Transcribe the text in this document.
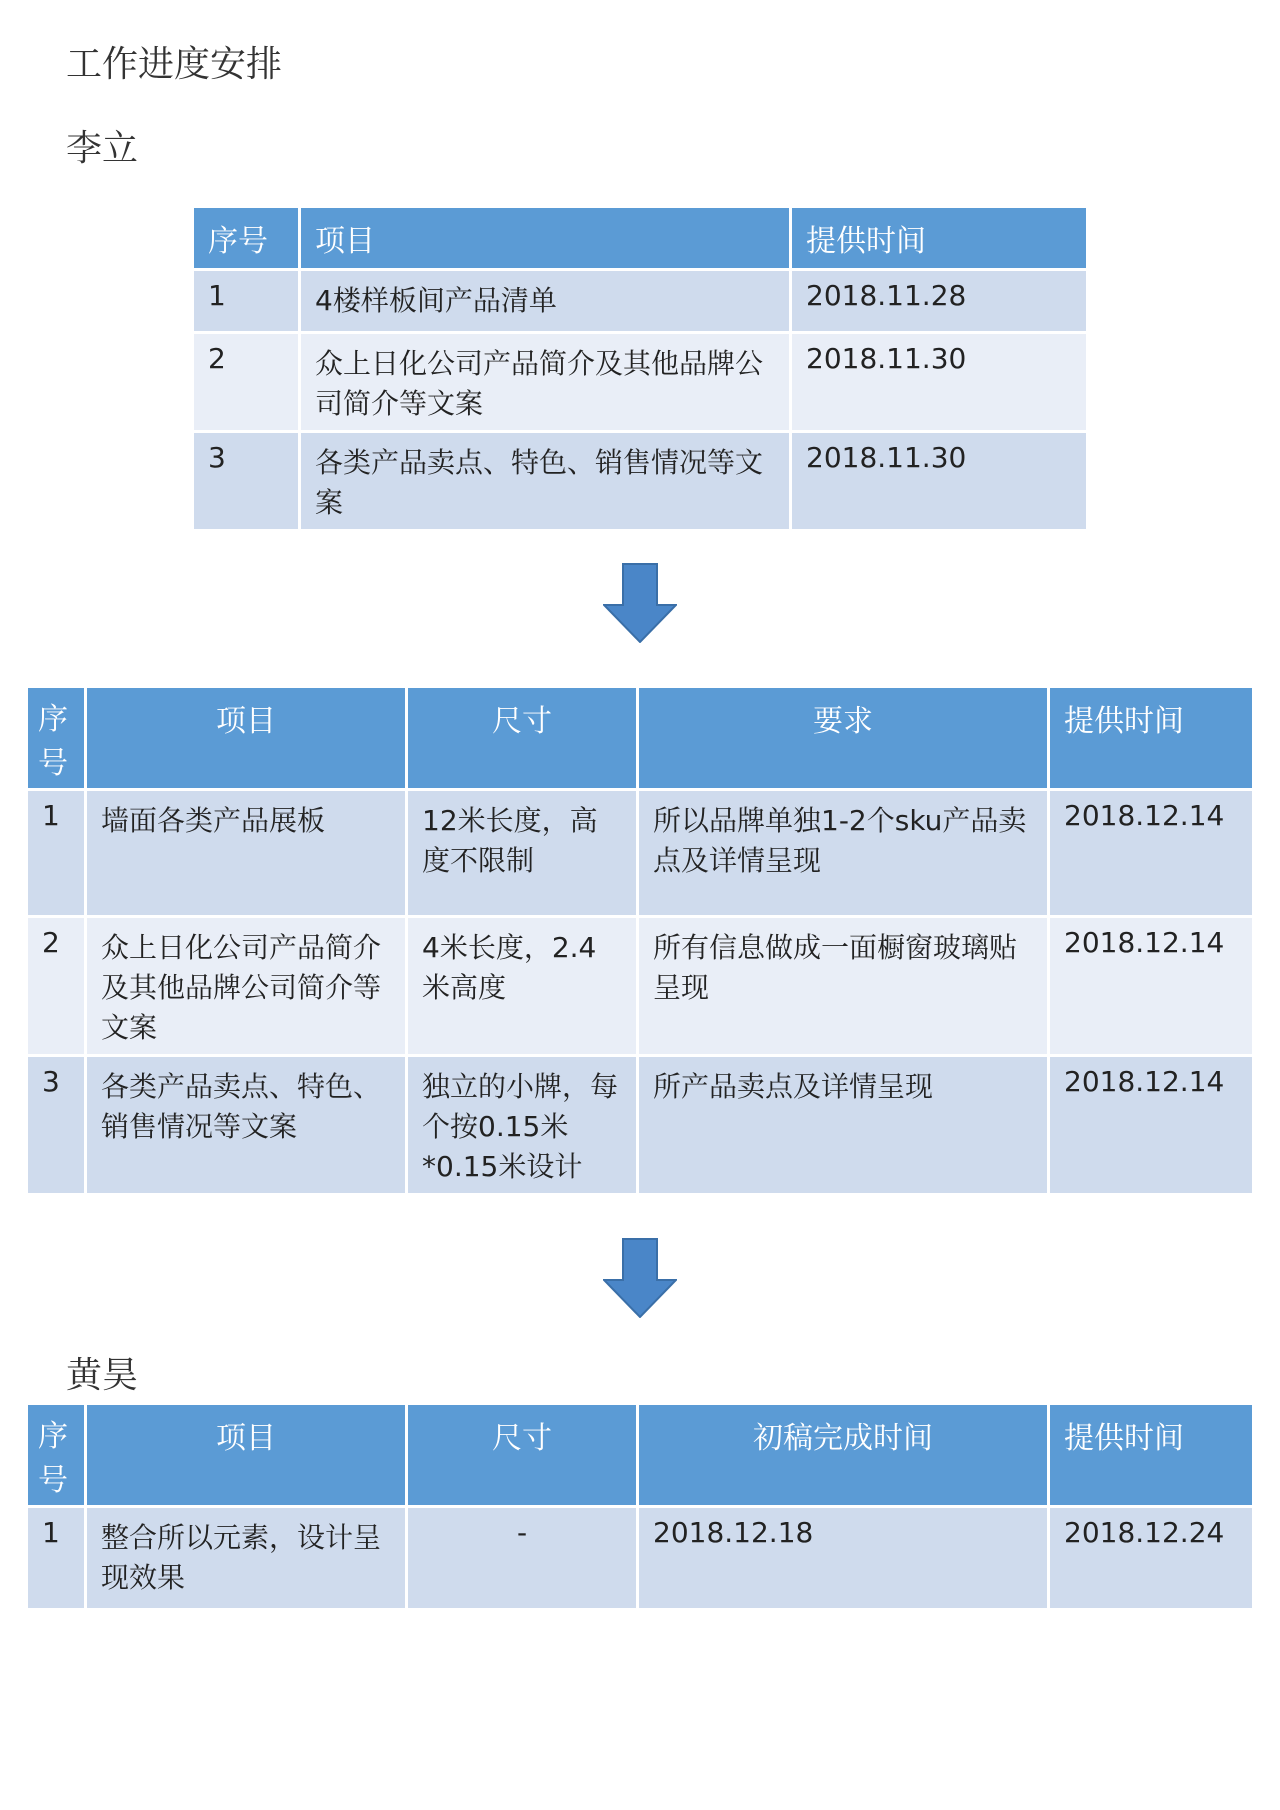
工作进度安排
李立
序号	项目	提供时间
1	4楼样板间产品清单	2018.11.28
2	众上日化公司产品简介及其他品牌公司简介等文案	2018.11.30
3	各类产品卖点、特色、销售情况等文案	2018.11.30
序号	项目	尺寸	要求	提供时间
1	墙面各类产品展板	12米长度，高度不限制	所以品牌单独1-2个sku产品卖点及详情呈现	2018.12.14
2	众上日化公司产品简介及其他品牌公司简介等文案	4米长度，2.4米高度	所有信息做成一面橱窗玻璃贴呈现	2018.12.14
3	各类产品卖点、特色、销售情况等文案	独立的小牌，每个按0.15米*0.15米设计	所产品卖点及详情呈现	2018.12.14
黄昊
序号	项目	尺寸	初稿完成时间	提供时间
1	整合所以元素，设计呈现效果	-	2018.12.18	2018.12.24
